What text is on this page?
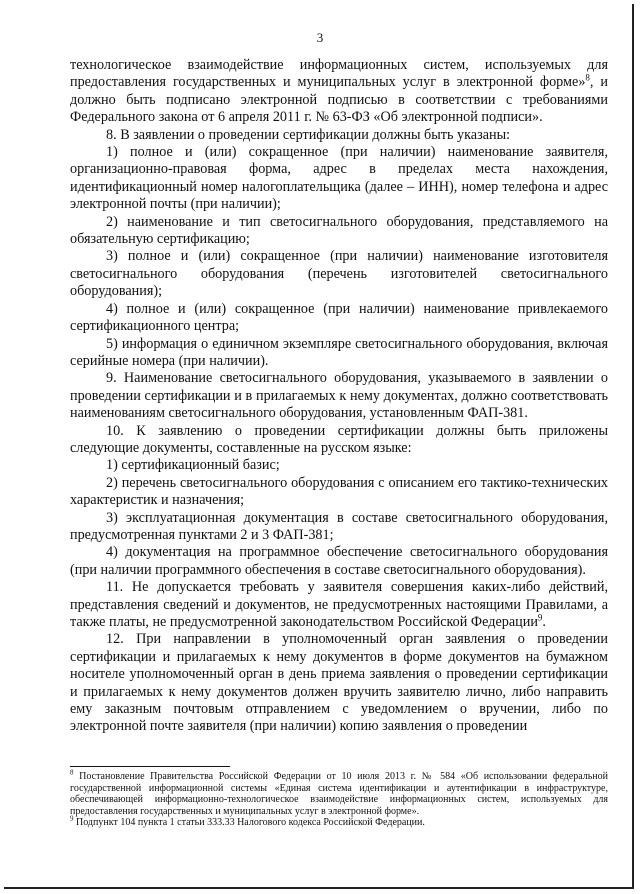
3

технологическое взаимодействие информационных систем, используемых для предоставления государственных и муниципальных услуг в электронной форме»$^8$, и должно быть подписано электронной подписью в соответствии с требованиями Федерального закона от 6 апреля 2011 г. № 63-ФЗ «Об электронной подписи».

8. В заявлении о проведении сертификации должны быть указаны:

1) полное и (или) сокращенное (при наличии) наименование заявителя, организационно-правовая форма, адрес в пределах места нахождения, идентификационный номер налогоплательщика (далее – ИНН), номер телефона и адрес электронной почты (при наличии);

2) наименование и тип светосигнального оборудования, представляемого на обязательную сертификацию;

3) полное и (или) сокращенное (при наличии) наименование изготовителя светосигнального оборудования (перечень изготовителей светосигнального оборудования);

4) полное и (или) сокращенное (при наличии) наименование привлекаемого сертификационного центра;

5) информация о единичном экземпляре светосигнального оборудования, включая серийные номера (при наличии).

9. Наименование светосигнального оборудования, указываемого в заявлении о проведении сертификации и в прилагаемых к нему документах, должно соответствовать наименованиям светосигнального оборудования, установленным ФАП-381.

10. К заявлению о проведении сертификации должны быть приложены следующие документы, составленные на русском языке:

1) сертификационный базис;

2) перечень светосигнального оборудования с описанием его тактико-технических характеристик и назначения;

3) эксплуатационная документация в составе светосигнального оборудования, предусмотренная пунктами 2 и 3 ФАП-381;

4) документация на программное обеспечение светосигнального оборудования (при наличии программного обеспечения в составе светосигнального оборудования).

11. Не допускается требовать у заявителя совершения каких-либо действий, представления сведений и документов, не предусмотренных настоящими Правилами, а также платы, не предусмотренной законодательством Российской Федерации$^9$.

12. При направлении в уполномоченный орган заявления о проведении сертификации и прилагаемых к нему документов в форме документов на бумажном носителе уполномоченный орган в день приема заявления о проведении сертификации и прилагаемых к нему документов должен вручить заявителю лично, либо направить ему заказным почтовым отправлением с уведомлением о вручении, либо по электронной почте заявителя (при наличии) копию заявления о проведении

$^8$ Постановление Правительства Российской Федерации от 10 июля 2013 г. № 584 «Об использовании федеральной государственной информационной системы «Единая система идентификации и аутентификации в инфраструктуре, обеспечивающей информационно-технологическое взаимодействие информационных систем, используемых для предоставления государственных и муниципальных услуг в электронной форме».

$^9$ Подпункт 104 пункта 1 статьи 333.33 Налогового кодекса Российской Федерации.
